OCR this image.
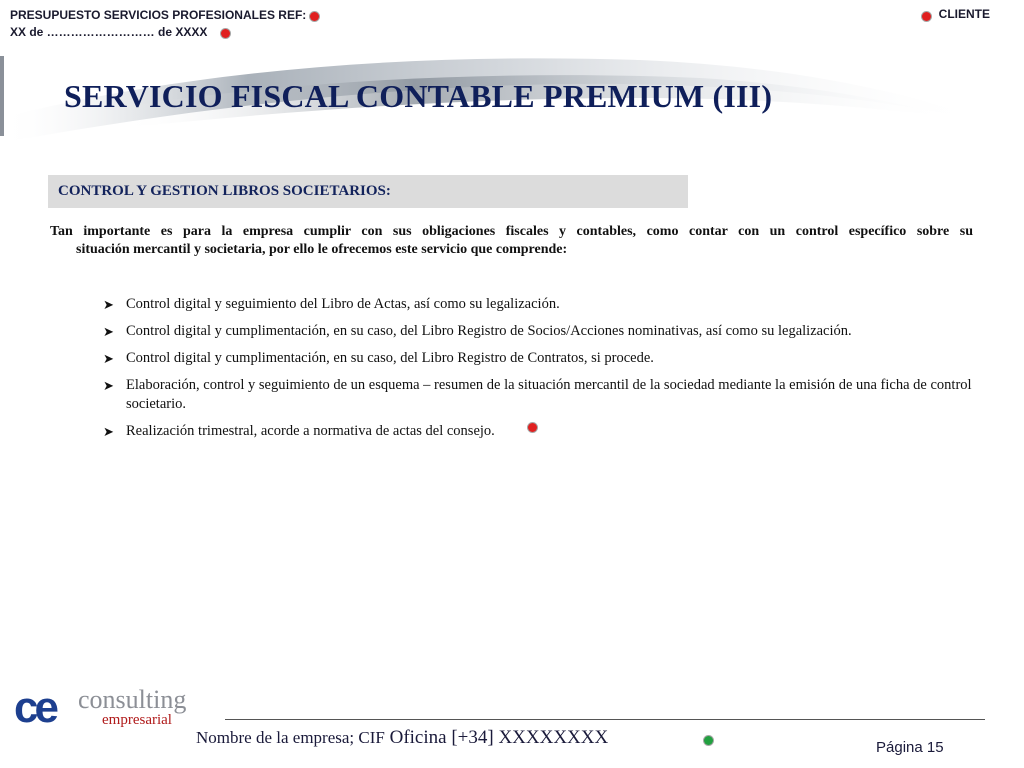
PRESUPUESTO SERVICIOS PROFESIONALES REF:
XX de ……………………… de XXXX
CLIENTE
SERVICIO FISCAL CONTABLE PREMIUM (III)
CONTROL Y GESTION LIBROS SOCIETARIOS:
Tan importante es para la empresa cumplir con sus obligaciones fiscales y contables, como contar con un control específico sobre su
situación mercantil y societaria, por ello le ofrecemos este servicio que comprende:
➤ Control digital y seguimiento del Libro de Actas, así como su legalización.
➤ Control digital y cumplimentación, en su caso, del Libro Registro de Socios/Acciones nominativas, así como su legalización.
➤ Control digital y cumplimentación, en su caso, del Libro Registro de Contratos, si procede.
➤ Elaboración, control y seguimiento de un esquema – resumen de la situación mercantil de la sociedad mediante la emisión de una ficha de control societario.
➤ Realización trimestral, acorde a normativa de actas del consejo.
ce consulting
empresarial
Nombre de la empresa; CIF Oficina [+34] XXXXXXXX	Página 15
